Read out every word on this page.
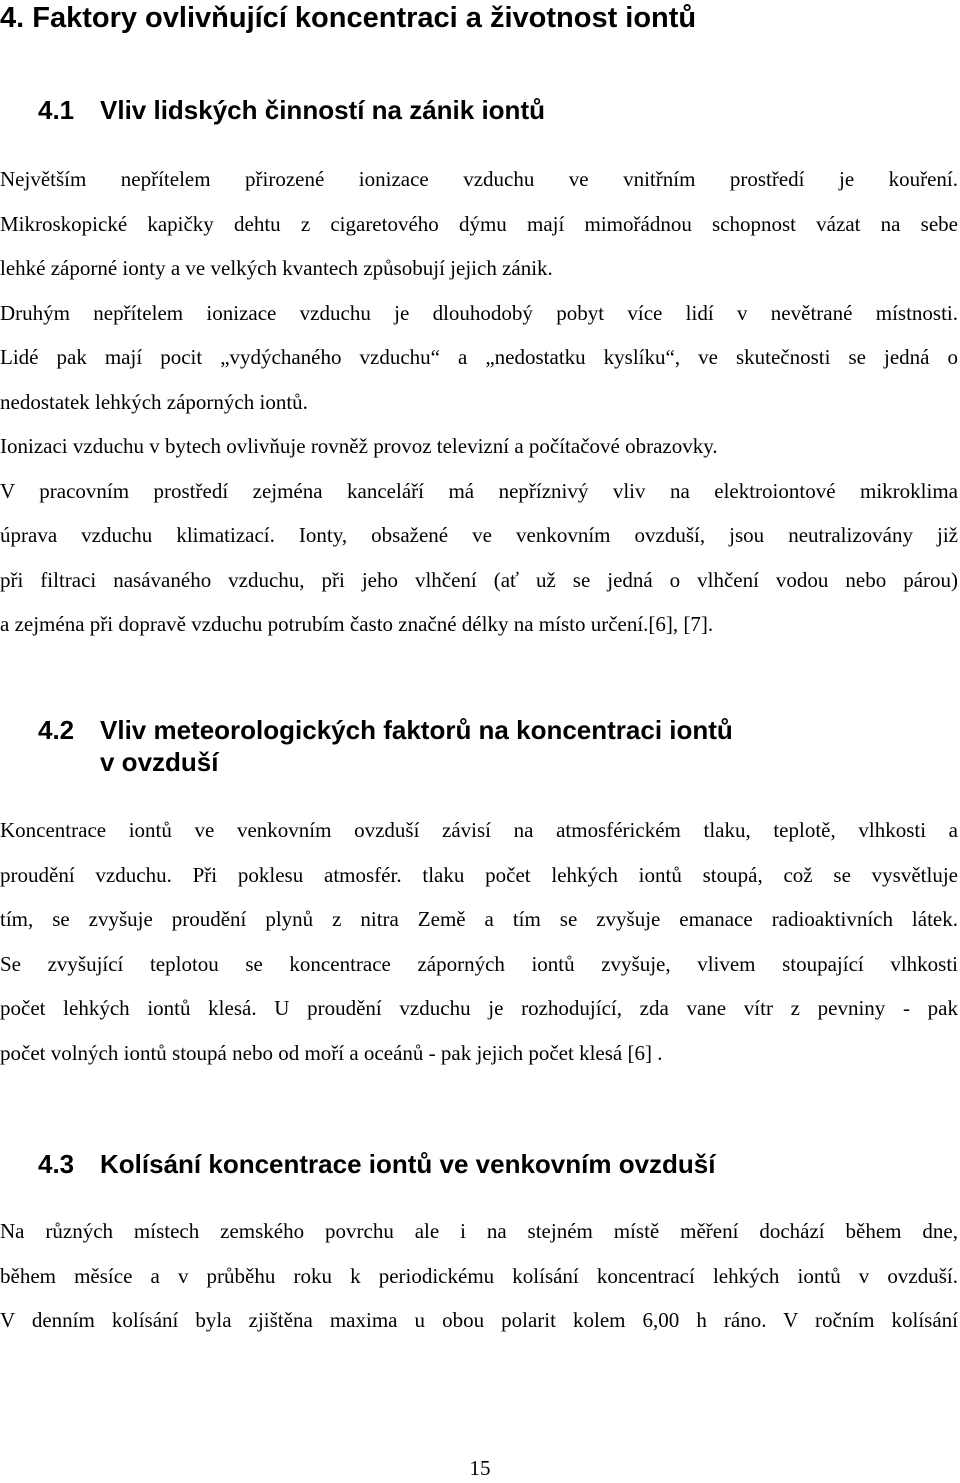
4. Faktory ovlivňující koncentraci a životnost iontů
4.1 Vliv lidských činností na zánik iontů
Největším nepřítelem přirozené ionizace vzduchu ve vnitřním prostředí je kouření.
Mikroskopické kapičky dehtu z cigaretového dýmu mají mimořádnou schopnost vázat na sebe
lehké záporné ionty a ve velkých kvantech způsobují jejich zánik.
Druhým nepřítelem ionizace vzduchu je dlouhodobý pobyt více lidí v nevětrané místnosti.
Lidé pak mají pocit „vydýchaného vzduchu“ a „nedostatku kyslíku“, ve skutečnosti se jedná o
nedostatek lehkých záporných iontů.
Ionizaci vzduchu v bytech ovlivňuje rovněž provoz televizní a počítačové obrazovky.
V pracovním prostředí zejména kanceláří má nepříznivý vliv na elektroiontové mikroklima
úprava vzduchu klimatizací. Ionty, obsažené ve venkovním ovzduší, jsou neutralizovány již
při filtraci nasávaného vzduchu, při jeho vlhčení (ať už se jedná o vlhčení vodou nebo párou)
a zejména při dopravě vzduchu potrubím často značné délky na místo určení.[6], [7].
4.2 Vliv meteorologických faktorů na koncentraci iontů
v ovzduší
Koncentrace iontů ve venkovním ovzduší závisí na atmosférickém tlaku, teplotě, vlhkosti a
proudění vzduchu. Při poklesu atmosfér. tlaku počet lehkých iontů stoupá, což se vysvětluje
tím, se zvyšuje proudění plynů z nitra Země a tím se zvyšuje emanace radioaktivních látek.
Se zvyšující teplotou se koncentrace záporných iontů zvyšuje, vlivem stoupající vlhkosti
počet lehkých iontů klesá. U proudění vzduchu je rozhodující, zda vane vítr z pevniny - pak
počet volných iontů stoupá nebo od moří a oceánů - pak jejich počet klesá [6] .
4.3 Kolísání koncentrace iontů ve venkovním ovzduší
Na různých místech zemského povrchu ale i na stejném místě měření dochází během dne,
během měsíce a v průběhu roku k periodickému kolísání koncentrací lehkých iontů v ovzduší.
V denním kolísání byla zjištěna maxima u obou polarit kolem 6,00 h ráno. V ročním kolísání
15
